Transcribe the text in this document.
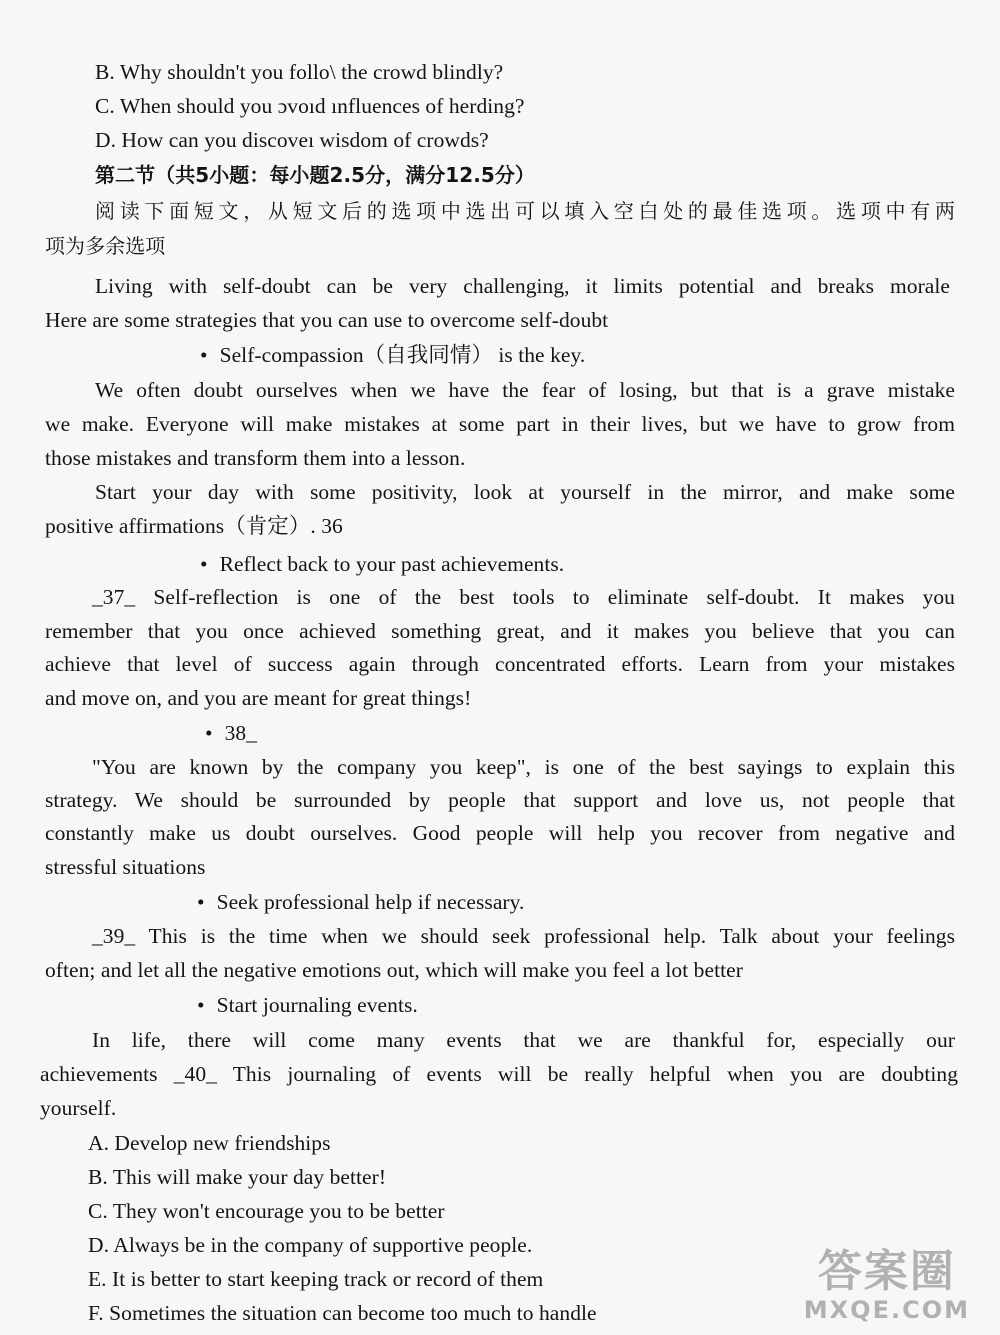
B. Why shouldn't you follo\ the crowd blindly?
C. When should you ɔvoıd ınfluences of herding?
D. How can you discoveı wisdom of crowds?
第二节（共5小题：每小题2.5分，满分12.5分）
阅读下面短文，从短文后的选项中选出可以填入空白处的最佳选项。选项中有两
项为多余选项
Living with self-doubt can be very challenging, it limits potential and breaks morale
Here are some strategies that you can use to overcome self-doubt
• Self-compassion（自我同情） is the key.
We often doubt ourselves when we have the fear of losing, but that is a grave mistake
we make. Everyone will make mistakes at some part in their lives, but we have to grow from
those mistakes and transform them into a lesson.
Start your day with some positivity, look at yourself in the mirror, and make some
positive affirmations（肯定）. 36
• Reflect back to your past achievements.
_37_ Self-reflection is one of the best tools to eliminate self-doubt. It makes you
remember that you once achieved something great, and it makes you believe that you can
achieve that level of success again through concentrated efforts. Learn from your mistakes
and move on, and you are meant for great things!
• 38_
"You are known by the company you keep", is one of the best sayings to explain this
strategy. We should be surrounded by people that support and love us, not people that
constantly make us doubt ourselves. Good people will help you recover from negative and
stressful situations
• Seek professional help if necessary.
_39_ This is the time when we should seek professional help. Talk about your feelings
often; and let all the negative emotions out, which will make you feel a lot better
• Start journaling events.
In life, there will come many events that we are thankful for, especially our
achievements _40_ This journaling of events will be really helpful when you are doubting
yourself.
A. Develop new friendships
B. This will make your day better!
C. They won't encourage you to be better
D. Always be in the company of supportive people.
E. It is better to start keeping track or record of them
F. Sometimes the situation can become too much to handle
答案圈
MXQE.COM
